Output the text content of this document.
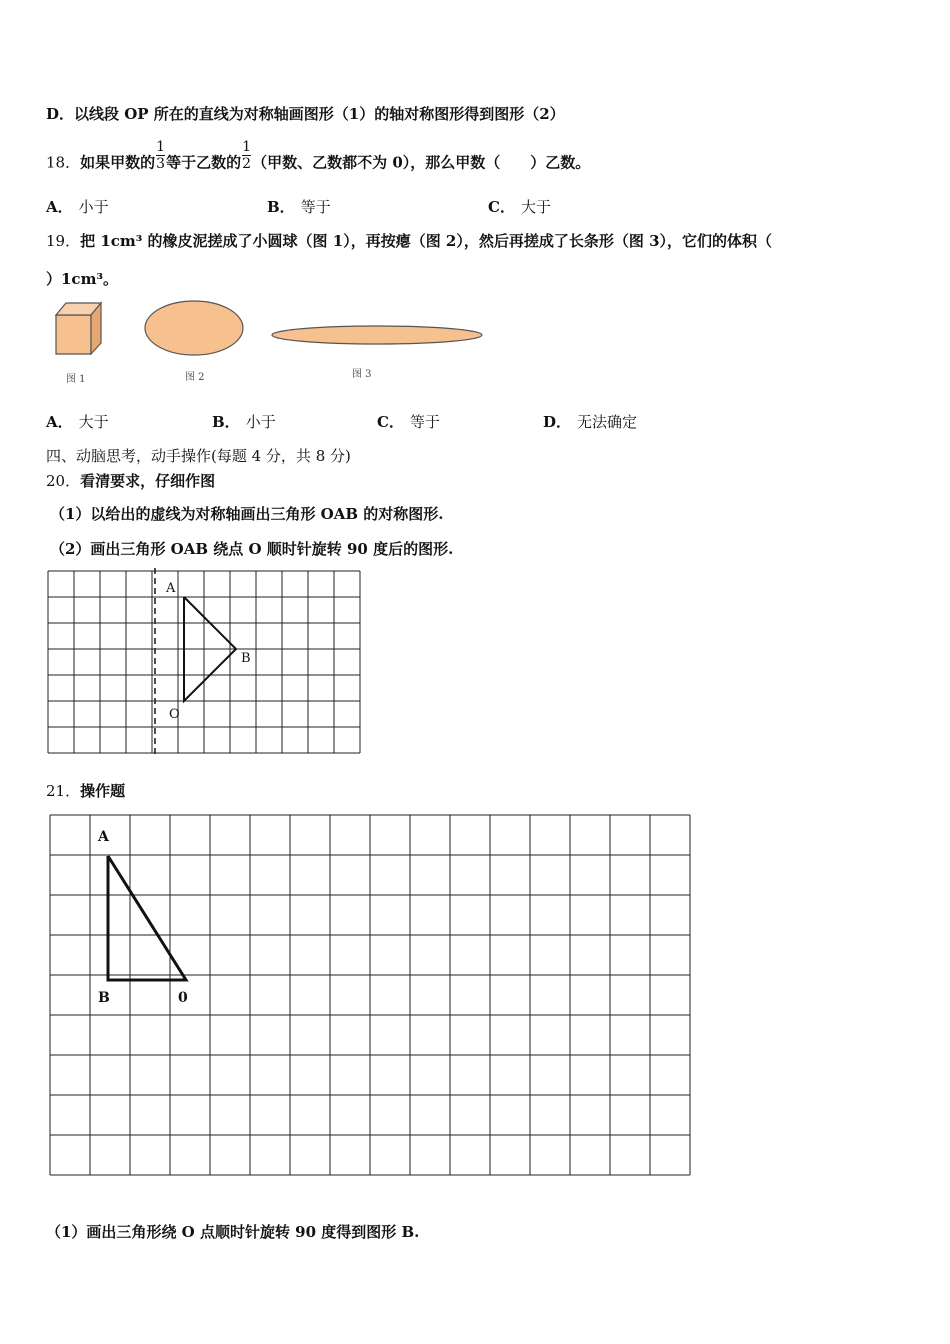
D．以线段 OP 所在的直线为对称轴画图形（1）的轴对称图形得到图形（2）
18．如果甲数的 $\frac{1}{3}$ 等于乙数的 $\frac{1}{2}$ （甲数、乙数都不为 0），那么甲数（　　）乙数。
A． 小于	B． 等于	C． 大于
19．把 1cm³ 的橡皮泥搓成了小圆球（图 1），再按瘪（图 2），然后再搓成了长条形（图 3），它们的体积（
）1cm³。
图 1	图 2	图 3
A． 大于	B． 小于	C． 等于	D． 无法确定
四、动脑思考，动手操作(每题 4 分，共 8 分)
20．看清要求，仔细作图
（1）以给出的虚线为对称轴画出三角形 OAB 的对称图形.
（2）画出三角形 OAB 绕点 O 顺时针旋转 90 度后的图形.
A
B
O
21．操作题
A
B	0
（1）画出三角形绕 O 点顺时针旋转 90 度得到图形 B.
